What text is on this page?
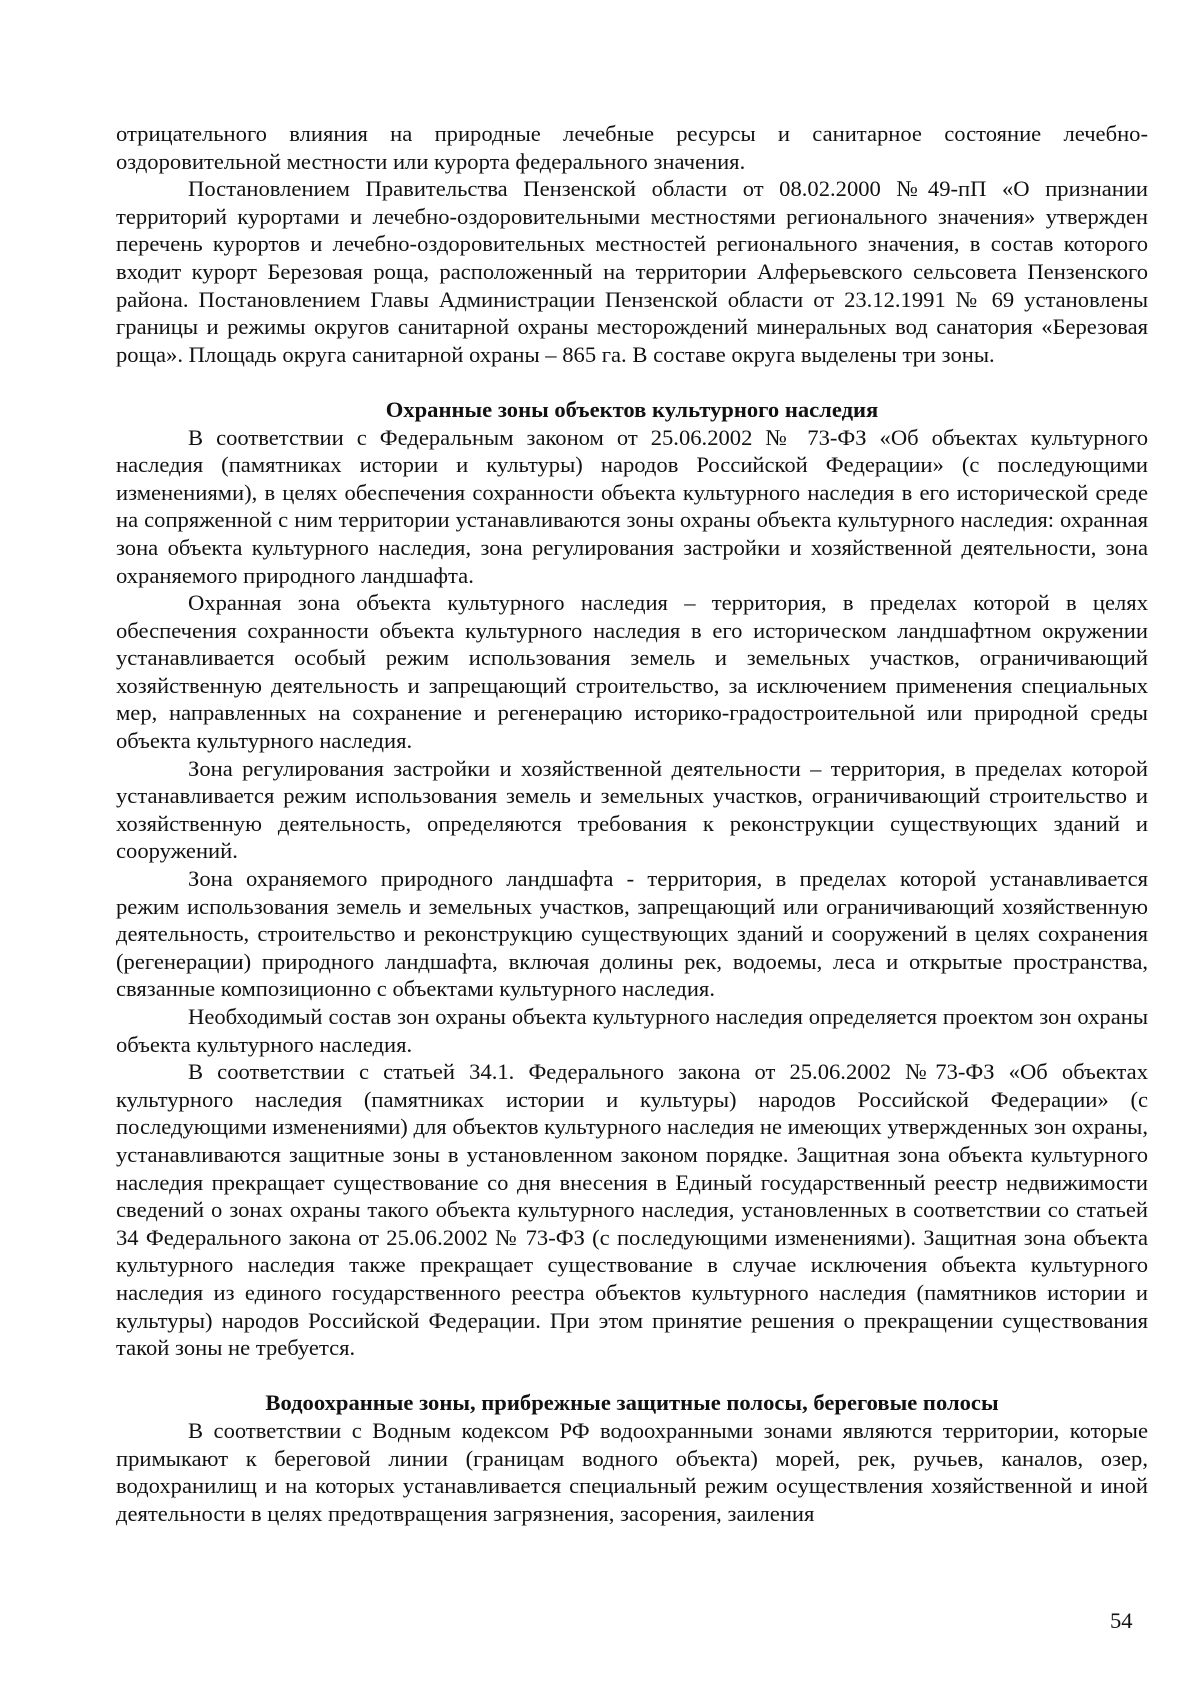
отрицательного влияния на природные лечебные ресурсы и санитарное состояние лечебно-оздоровительной местности или курорта федерального значения.

Постановлением Правительства Пензенской области от 08.02.2000 №49-пП «О признании территорий курортами и лечебно-оздоровительными местностями регионального значения» утвержден перечень курортов и лечебно-оздоровительных местностей регионального значения, в состав которого входит курорт Березовая роща, расположенный на территории Алферьевского сельсовета Пензенского района. Постановлением Главы Администрации Пензенской области от 23.12.1991 № 69 установлены границы и режимы округов санитарной охраны месторождений минеральных вод санатория «Березовая роща». Площадь округа санитарной охраны – 865 га. В составе округа выделены три зоны.

Охранные зоны объектов культурного наследия

В соответствии с Федеральным законом от 25.06.2002 № 73-ФЗ «Об объектах культурного наследия (памятниках истории и культуры) народов Российской Федерации» (с последующими изменениями), в целях обеспечения сохранности объекта культурного наследия в его исторической среде на сопряженной с ним территории устанавливаются зоны охраны объекта культурного наследия: охранная зона объекта культурного наследия, зона регулирования застройки и хозяйственной деятельности, зона охраняемого природного ландшафта.

Охранная зона объекта культурного наследия – территория, в пределах которой в целях обеспечения сохранности объекта культурного наследия в его историческом ландшафтном окружении устанавливается особый режим использования земель и земельных участков, ограничивающий хозяйственную деятельность и запрещающий строительство, за исключением применения специальных мер, направленных на сохранение и регенерацию историко-градостроительной или природной среды объекта культурного наследия.

Зона регулирования застройки и хозяйственной деятельности – территория, в пределах которой устанавливается режим использования земель и земельных участков, ограничивающий строительство и хозяйственную деятельность, определяются требования к реконструкции существующих зданий и сооружений.

Зона охраняемого природного ландшафта - территория, в пределах которой устанавливается режим использования земель и земельных участков, запрещающий или ограничивающий хозяйственную деятельность, строительство и реконструкцию существующих зданий и сооружений в целях сохранения (регенерации) природного ландшафта, включая долины рек, водоемы, леса и открытые пространства, связанные композиционно с объектами культурного наследия.

Необходимый состав зон охраны объекта культурного наследия определяется проектом зон охраны объекта культурного наследия.

В соответствии с статьей 34.1. Федерального закона от 25.06.2002 №73-ФЗ «Об объектах культурного наследия (памятниках истории и культуры) народов Российской Федерации» (с последующими изменениями) для объектов культурного наследия не имеющих утвержденных зон охраны, устанавливаются защитные зоны в установленном законом порядке. Защитная зона объекта культурного наследия прекращает существование со дня внесения в Единый государственный реестр недвижимости сведений о зонах охраны такого объекта культурного наследия, установленных в соответствии со статьей 34 Федерального закона от 25.06.2002 № 73-ФЗ (с последующими изменениями). Защитная зона объекта культурного наследия также прекращает существование в случае исключения объекта культурного наследия из единого государственного реестра объектов культурного наследия (памятников истории и культуры) народов Российской Федерации. При этом принятие решения о прекращении существования такой зоны не требуется.

Водоохранные зоны, прибрежные защитные полосы, береговые полосы

В соответствии с Водным кодексом РФ водоохранными зонами являются территории, которые примыкают к береговой линии (границам водного объекта) морей, рек, ручьев, каналов, озер, водохранилищ и на которых устанавливается специальный режим осуществления хозяйственной и иной деятельности в целях предотвращения загрязнения, засорения, заиления

54
